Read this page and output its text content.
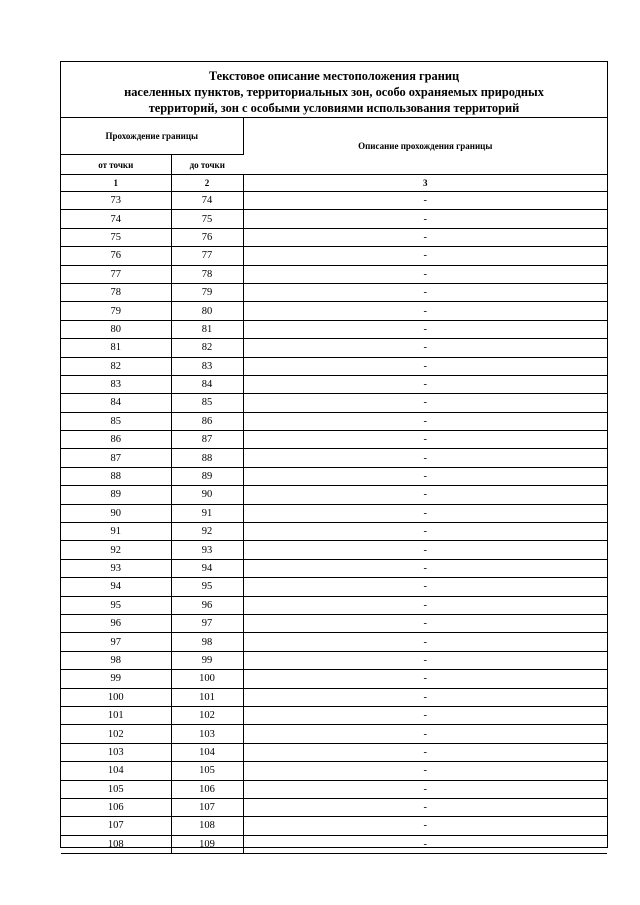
Текстовое описание местоположения границ
населенных пунктов, территориальных зон, особо охраняемых природных
территорий, зон с особыми условиями использования территорий
Прохождение границы		Описание прохождения границы
от точки	до точки	
1	2	3
73	74	-
74	75	-
75	76	-
76	77	-
77	78	-
78	79	-
79	80	-
80	81	-
81	82	-
82	83	-
83	84	-
84	85	-
85	86	-
86	87	-
87	88	-
88	89	-
89	90	-
90	91	-
91	92	-
92	93	-
93	94	-
94	95	-
95	96	-
96	97	-
97	98	-
98	99	-
99	100	-
100	101	-
101	102	-
102	103	-
103	104	-
104	105	-
105	106	-
106	107	-
107	108	-
108	109	-
